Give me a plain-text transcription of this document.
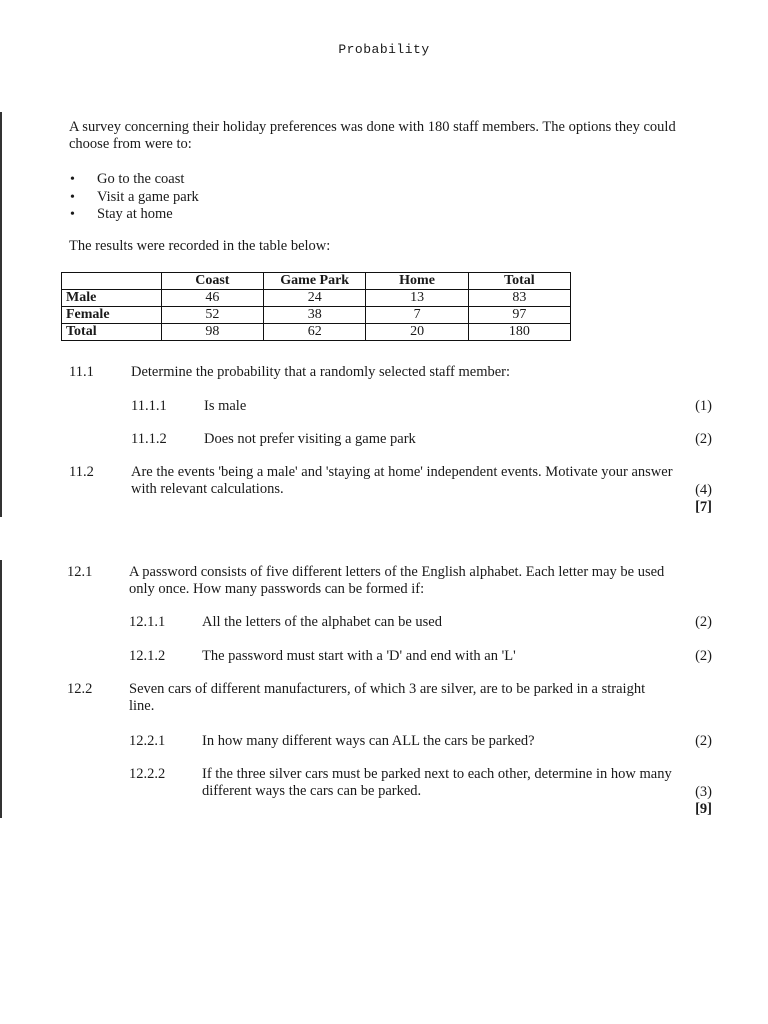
Probability
A survey concerning their holiday preferences was done with 180 staff members. The options they could choose from were to:
• Go to the coast
• Visit a game park
• Stay at home
The results were recorded in the table below:
	Coast	Game Park	Home	Total
Male	46	24	13	83
Female	52	38	7	97
Total	98	62	20	180
11.1	Determine the probability that a randomly selected staff member:
11.1.1	Is male	(1)
11.1.2	Does not prefer visiting a game park	(2)
11.2	Are the events 'being a male' and 'staying at home' independent events. Motivate your answer with relevant calculations.	(4)
[7]
12.1	A password consists of five different letters of the English alphabet. Each letter may be used only once. How many passwords can be formed if:
12.1.1	All the letters of the alphabet can be used	(2)
12.1.2	The password must start with a 'D' and end with an 'L'	(2)
12.2	Seven cars of different manufacturers, of which 3 are silver, are to be parked in a straight line.
12.2.1	In how many different ways can ALL the cars be parked?	(2)
12.2.2	If the three silver cars must be parked next to each other, determine in how many different ways the cars can be parked.	(3)
[9]
